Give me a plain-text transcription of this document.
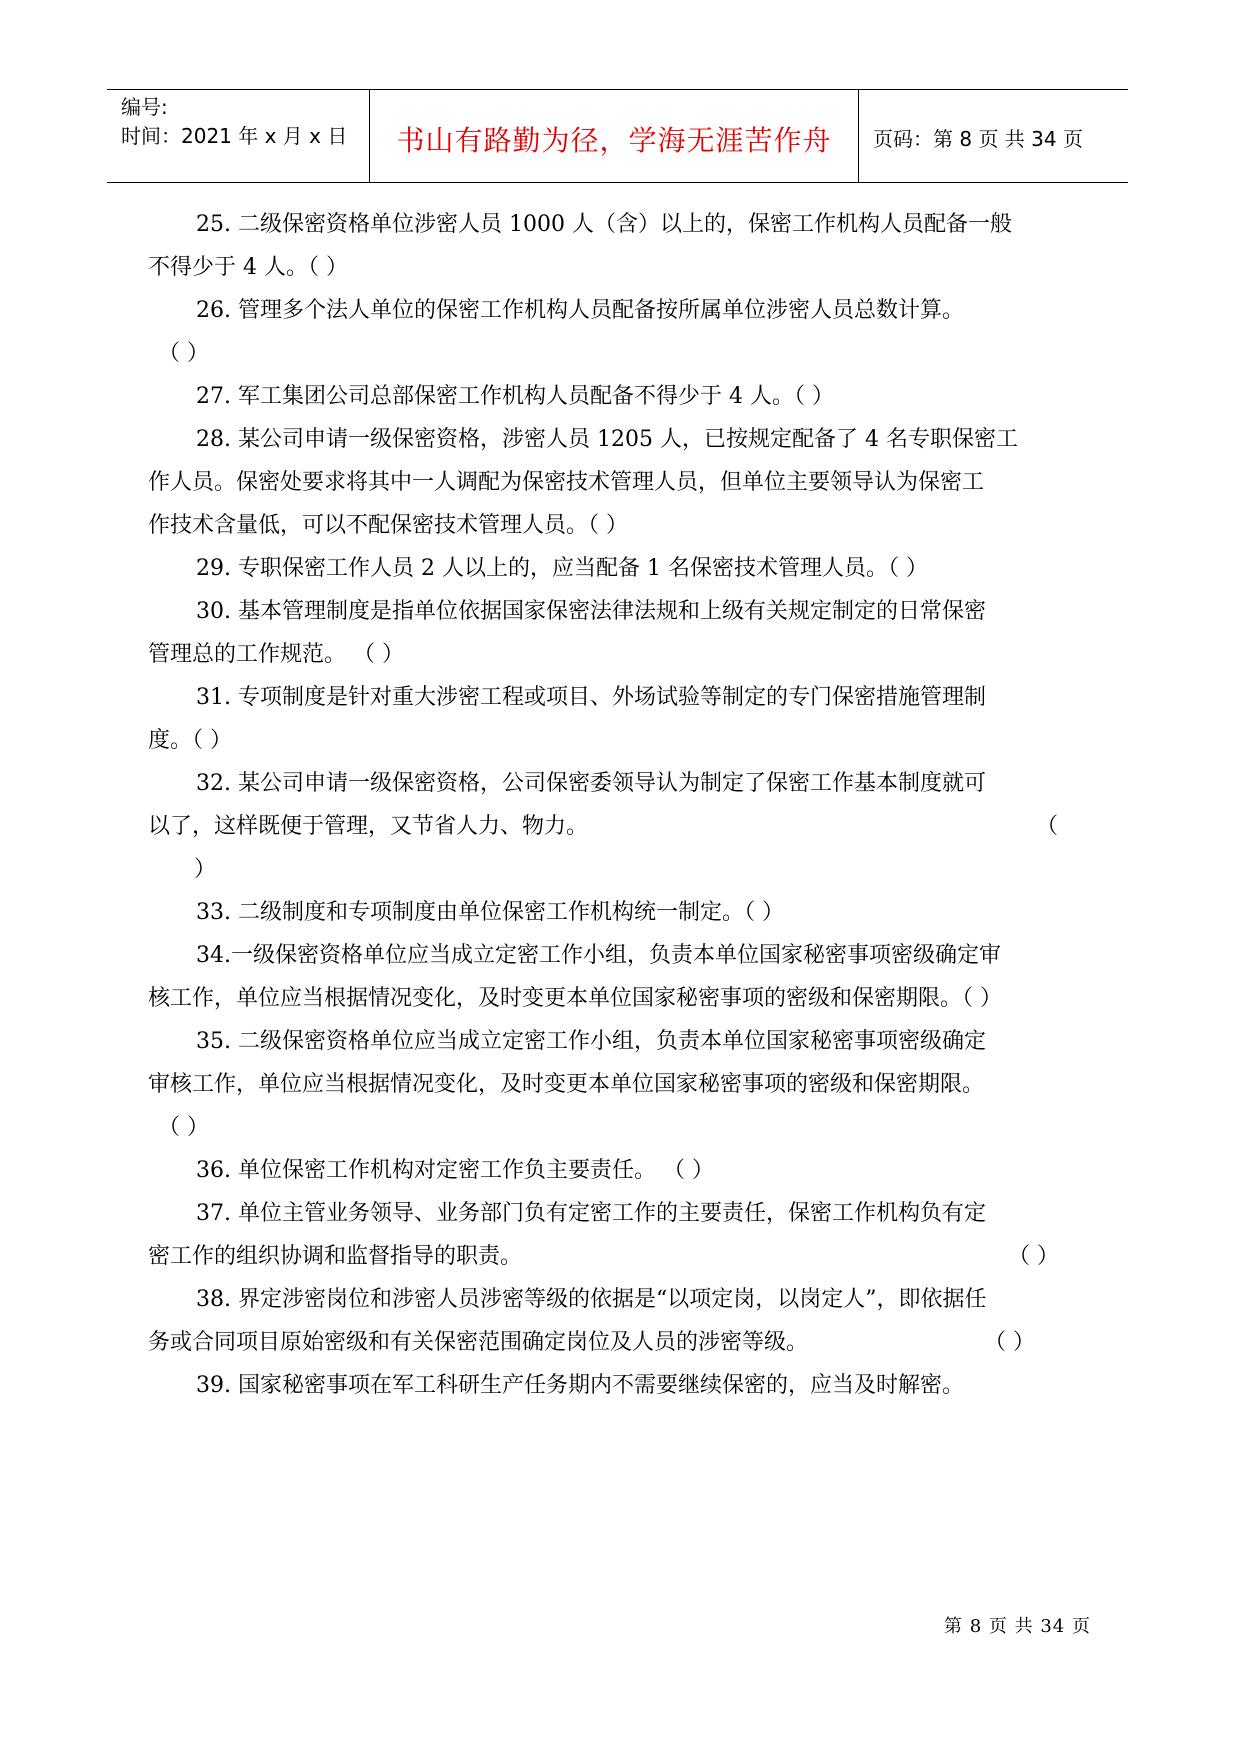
编号:
时间：2021 年 x 月 x 日	书山有路勤为径，学海无涯苦作舟	页码：第 8 页 共 34 页
25. 二级保密资格单位涉密人员 1000 人（含）以上的，保密工作机构人员配备一般
不得少于 4 人。（ ）
26. 管理多个法人单位的保密工作机构人员配备按所属单位涉密人员总数计算。
（ ）
27. 军工集团公司总部保密工作机构人员配备不得少于 4 人。（ ）
28. 某公司申请一级保密资格，涉密人员 1205 人，已按规定配备了 4 名专职保密工
作人员。保密处要求将其中一人调配为保密技术管理人员，但单位主要领导认为保密工
作技术含量低，可以不配保密技术管理人员。（ ）
29. 专职保密工作人员 2 人以上的，应当配备 1 名保密技术管理人员。（ ）
30. 基本管理制度是指单位依据国家保密法律法规和上级有关规定制定的日常保密
管理总的工作规范。 （ ）
31. 专项制度是针对重大涉密工程或项目、外场试验等制定的专门保密措施管理制
度。（ ）
32. 某公司申请一级保密资格，公司保密委领导认为制定了保密工作基本制度就可
以了，这样既便于管理，又节省人力、物力。	（
）
33. 二级制度和专项制度由单位保密工作机构统一制定。（ ）
34.一级保密资格单位应当成立定密工作小组，负责本单位国家秘密事项密级确定审
核工作，单位应当根据情况变化，及时变更本单位国家秘密事项的密级和保密期限。（ ）
35. 二级保密资格单位应当成立定密工作小组，负责本单位国家秘密事项密级确定
审核工作，单位应当根据情况变化，及时变更本单位国家秘密事项的密级和保密期限。
（ ）
36. 单位保密工作机构对定密工作负主要责任。 （ ）
37. 单位主管业务领导、业务部门负有定密工作的主要责任，保密工作机构负有定
密工作的组织协调和监督指导的职责。	（ ）
38. 界定涉密岗位和涉密人员涉密等级的依据是“以项定岗，以岗定人”，即依据任
务或合同项目原始密级和有关保密范围确定岗位及人员的涉密等级。	（ ）
39. 国家秘密事项在军工科研生产任务期内不需要继续保密的，应当及时解密。
第 8 页 共 34 页
